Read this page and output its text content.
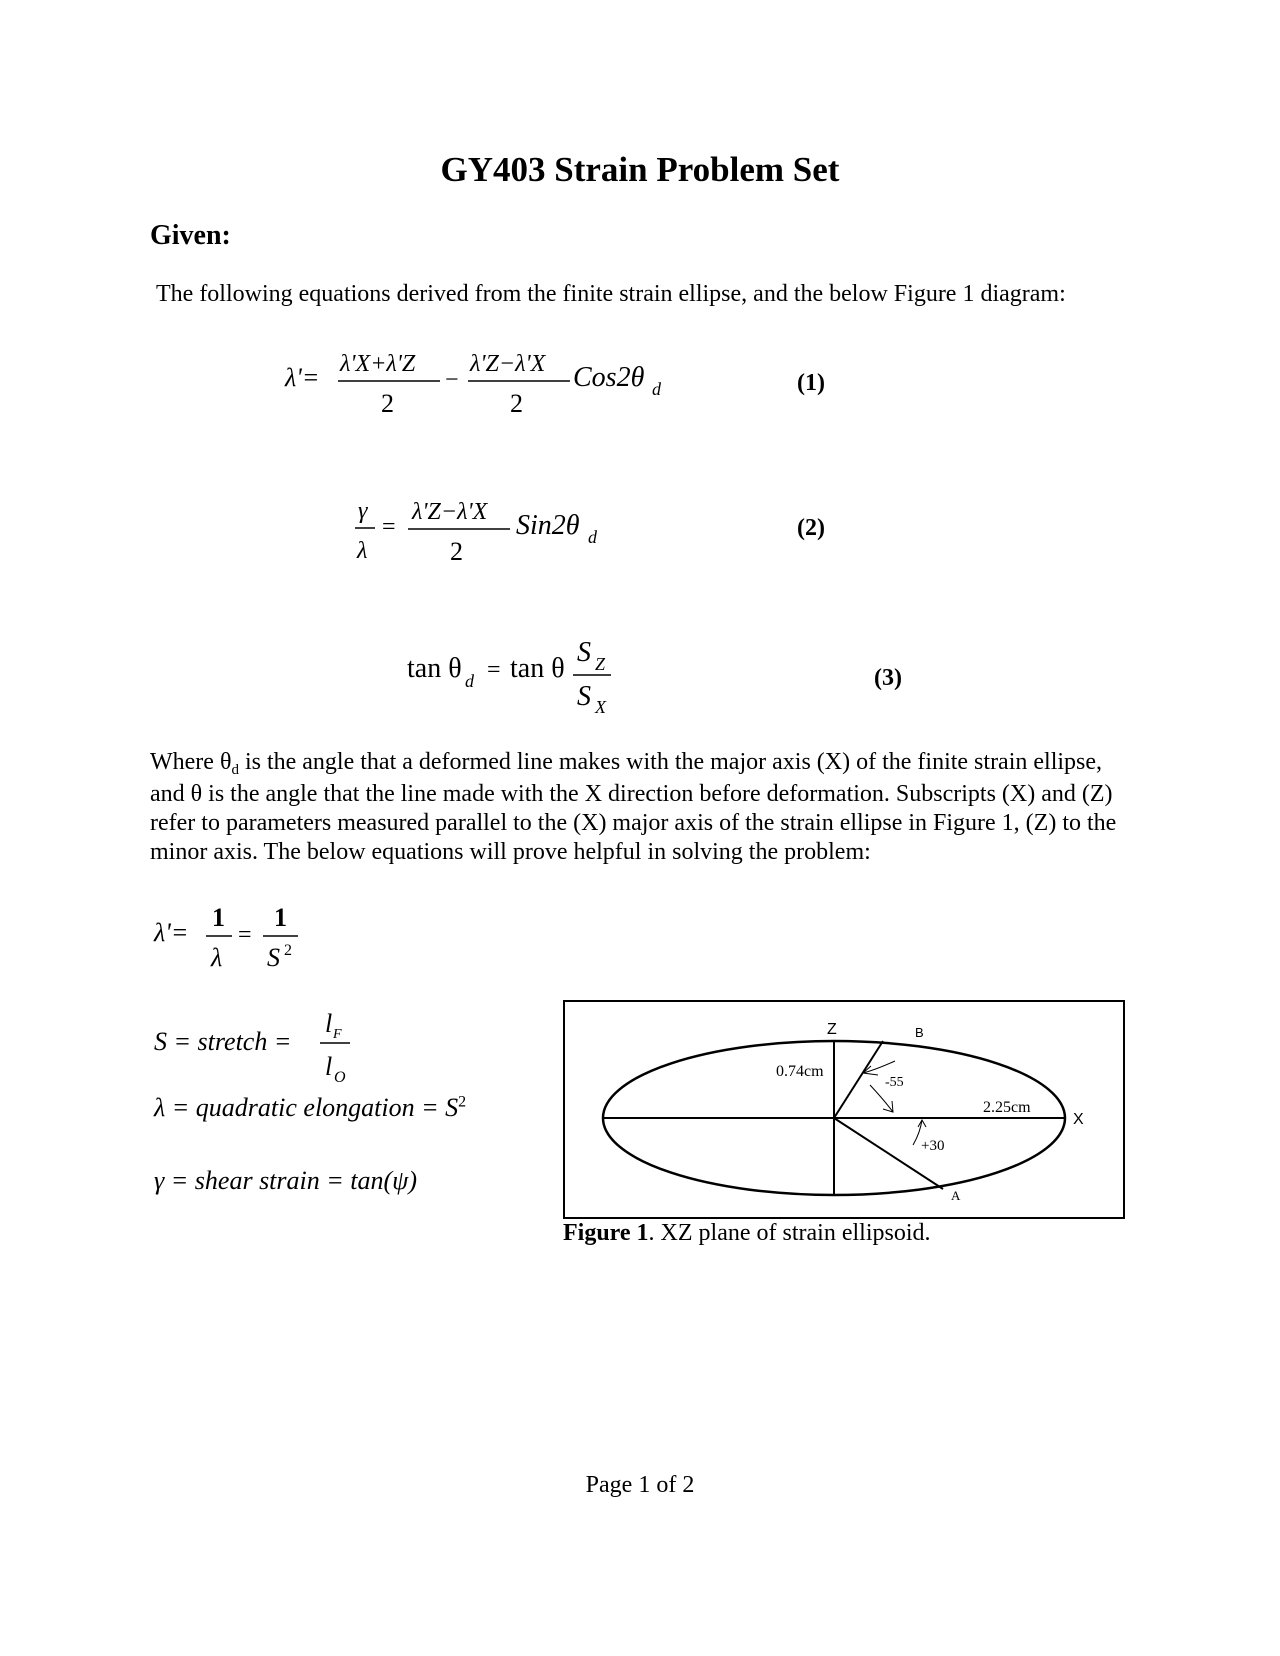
GY403 Strain Problem Set
Given:
The following equations derived from the finite strain ellipse, and the below Figure 1 diagram:
λ'= λ'X+λ'Z
2
−
λ'Z−λ'X
2
Cos2θ d	(1)
γ
λ
=
λ'Z−λ'X
2
Sin2θ d	(2)
tan θ d = tan θ
S Z
S X
(3)
Where $\theta_d$ is the angle that a deformed line makes with the major axis (X) of the finite strain ellipse, and θ is the angle that the line made with the X direction before deformation. Subscripts (X) and (Z) refer to parameters measured parallel to the (X) major axis of the strain ellipse in Figure 1, (Z) to the minor axis. The below equations will prove helpful in solving the problem:
λ'=
1
λ
=
1
S 2
S = stretch =
l F
l O
λ = quadratic elongation = $S^2$
γ = shear strain = tan(ψ)
Z
X
B
A
0.74cm
2.25cm
-55
+30
Figure 1. XZ plane of strain ellipsoid.
Page 1 of 2
